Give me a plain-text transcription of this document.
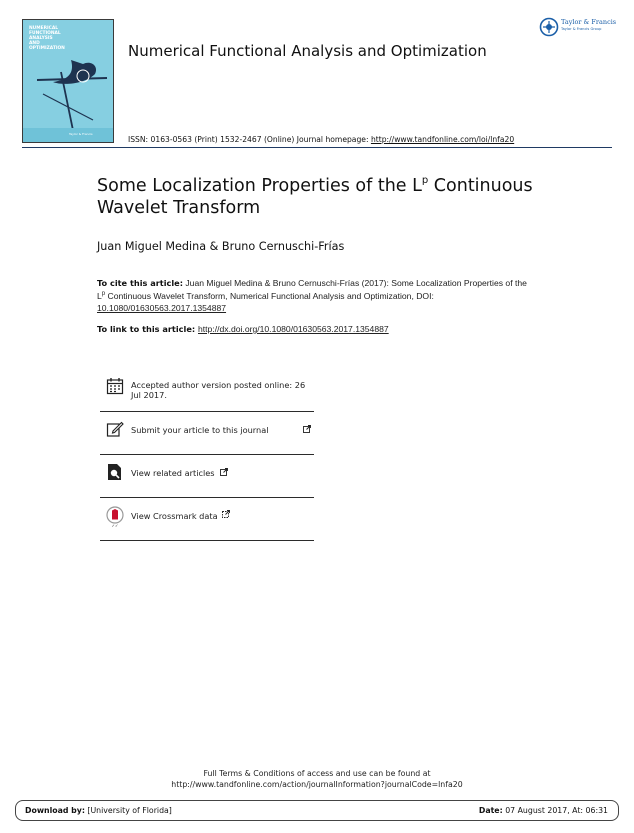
NUMERICAL
FUNCTIONAL
ANALYSIS
AND
OPTIMIZATION
Taylor & Francis
Numerical Functional Analysis and Optimization
ISSN: 0163-0563 (Print) 1532-2467 (Online) Journal homepage: http://www.tandfonline.com/loi/lnfa20
Taylor & Francis
Taylor & Francis Group
Some Localization Properties of the $L^p$ Continuous Wavelet Transform
Juan Miguel Medina & Bruno Cernuschi-Frías
To cite this article: Juan Miguel Medina & Bruno Cernuschi-Frías (2017): Some Localization Properties of the $L^p$ Continuous Wavelet Transform, Numerical Functional Analysis and Optimization, DOI: 10.1080/01630563.2017.1354887
To link to this article: http://dx.doi.org/10.1080/01630563.2017.1354887
Accepted author version posted online: 26 Jul 2017.
Submit your article to this journal
View related articles
✓✓
View Crossmark data
Full Terms & Conditions of access and use can be found at
http://www.tandfonline.com/action/journalInformation?journalCode=lnfa20
Download by: [University of Florida]	Date: 07 August 2017, At: 06:31
